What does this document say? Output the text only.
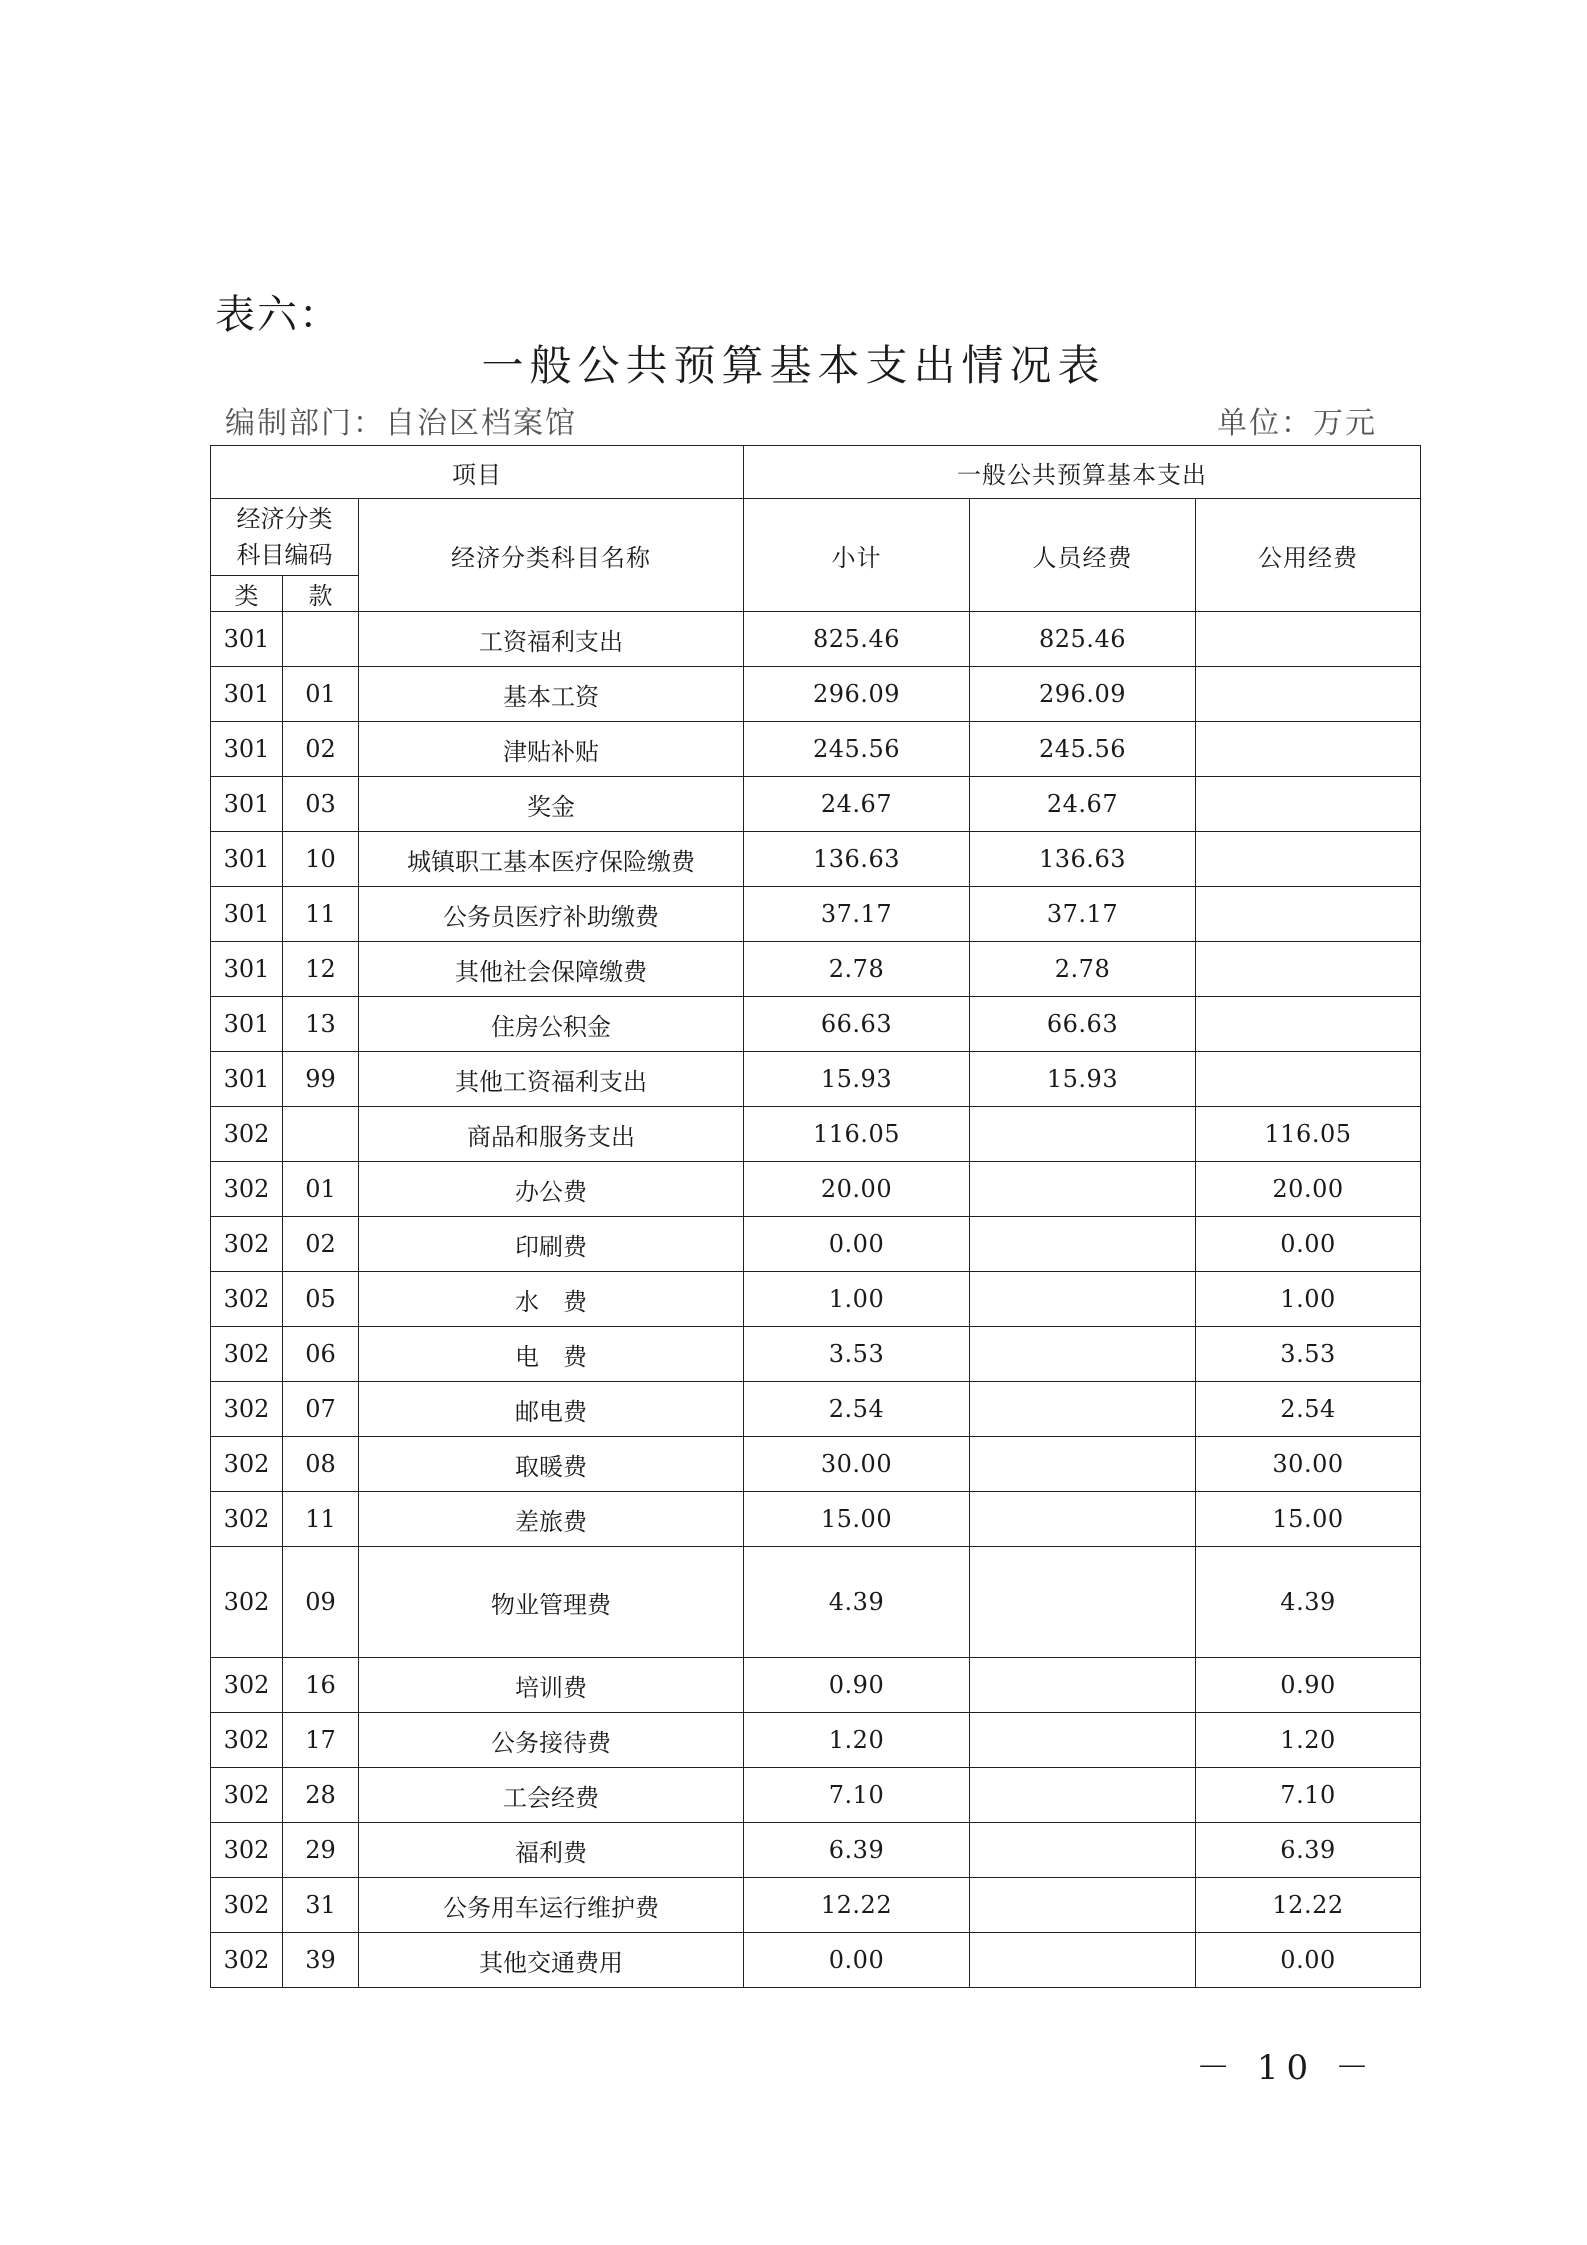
表六：
一般公共预算基本支出情况表
编制部门：自治区档案馆	单位：万元
项目			一般公共预算基本支出		

经济分类
科目编码		经济分类科目名称	小计	人员经费	公用经费
类	款				
301		工资福利支出	825.46	825.46	
301	01	基本工资	296.09	296.09	
301	02	津贴补贴	245.56	245.56	
301	03	奖金	24.67	24.67	
301	10	城镇职工基本医疗保险缴费	136.63	136.63	
301	11	公务员医疗补助缴费	37.17	37.17	
301	12	其他社会保障缴费	2.78	2.78	
301	13	住房公积金	66.63	66.63	
301	99	其他工资福利支出	15.93	15.93	
302		商品和服务支出	116.05		116.05
302	01	办公费	20.00		20.00
302	02	印刷费	0.00		0.00
302	05	水　费	1.00		1.00
302	06	电　费	3.53		3.53
302	07	邮电费	2.54		2.54
302	08	取暖费	30.00		30.00
302	11	差旅费	15.00		15.00
302	09	物业管理费	4.39		4.39
302	16	培训费	0.90		0.90
302	17	公务接待费	1.20		1.20
302	28	工会经费	7.10		7.10
302	29	福利费	6.39		6.39
302	31	公务用车运行维护费	12.22		12.22
302	39	其他交通费用	0.00		0.00
－ 10 －
